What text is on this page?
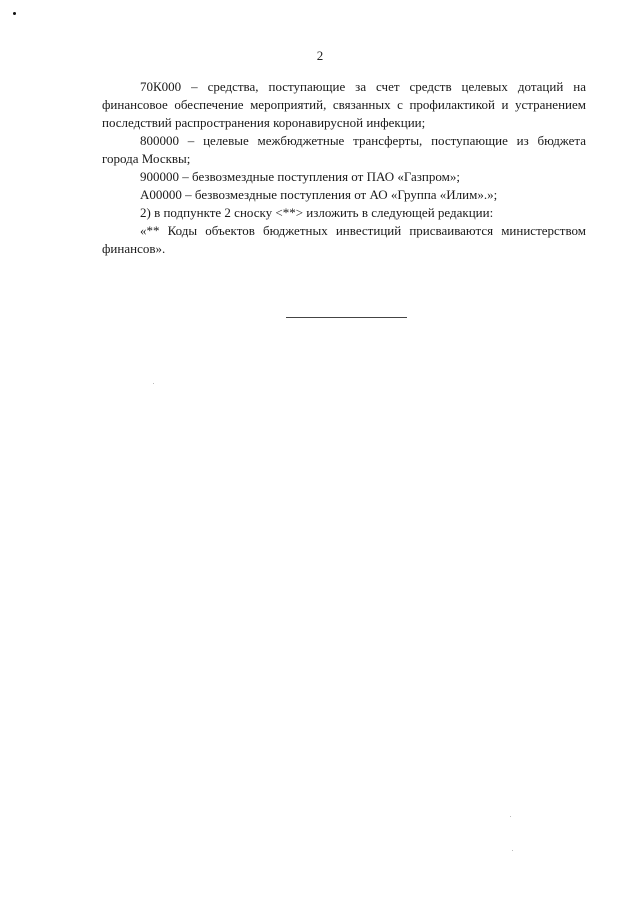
2

70К000 – средства, поступающие за счет средств целевых дотаций на финансовое обеспечение мероприятий, связанных с профилактикой и устранением последствий распространения коронавирусной инфекции;

800000 – целевые межбюджетные трансферты, поступающие из бюджета города Москвы;

900000 – безвозмездные поступления от ПАО «Газпром»;

А00000 – безвозмездные поступления от АО «Группа «Илим».»;

2) в подпункте 2 сноску <**> изложить в следующей редакции:

«** Коды объектов бюджетных инвестиций присваиваются министерством финансов».
